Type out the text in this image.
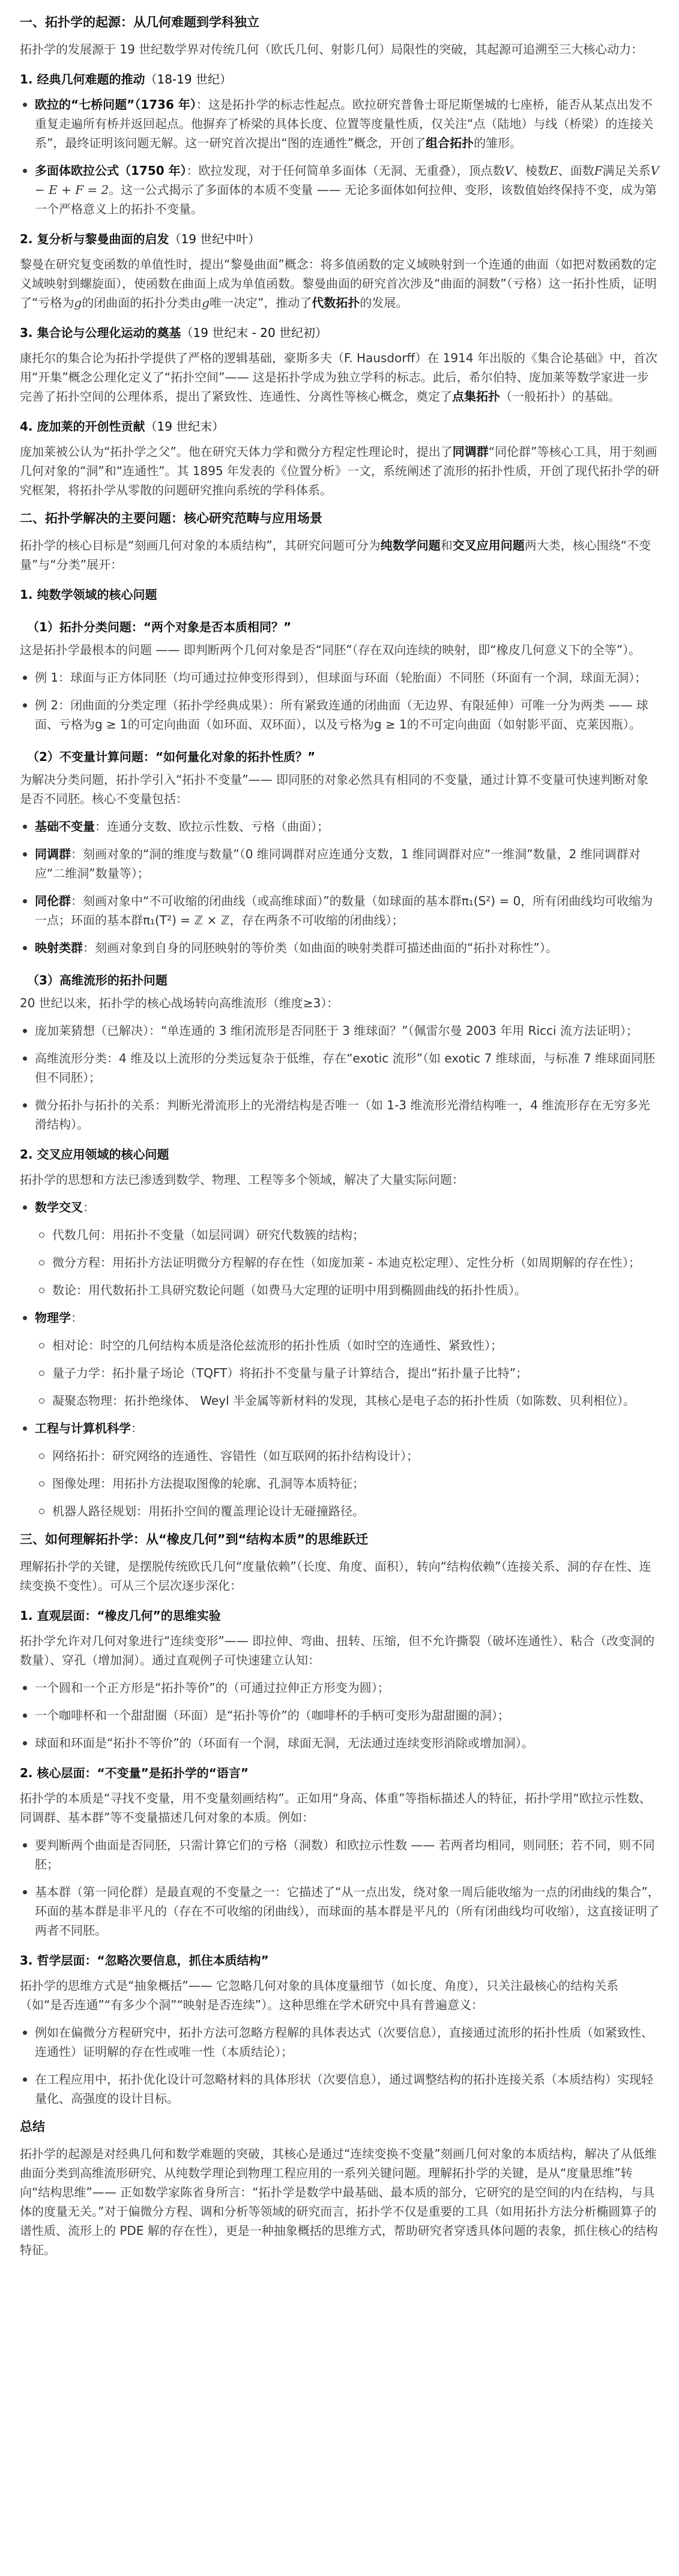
一、拓扑学的起源：从几何难题到学科独立

拓扑学的发展源于 19 世纪数学界对传统几何（欧氏几何、射影几何）局限性的突破，其起源可追溯至三大核心动力：

1. 经典几何难题的推动（18-19 世纪）
欧拉的“七桥问题”（1736 年）：这是拓扑学的标志性起点。欧拉研究普鲁士哥尼斯堡城的七座桥，能否从某点出发不重复走遍所有桥并返回起点。他摒弃了桥梁的具体长度、位置等度量性质，仅关注“点（陆地）与线（桥梁）的连接关系”，最终证明该问题无解。这一研究首次提出“图的连通性”概念，开创了组合拓扑的雏形。
多面体欧拉公式（1750 年）：欧拉发现，对于任何简单多面体（无洞、无重叠），顶点数V、棱数E、面数F满足关系V − E + F = 2。这一公式揭示了多面体的本质不变量 —— 无论多面体如何拉伸、变形，该数值始终保持不变，成为第一个严格意义上的拓扑不变量。
2. 复分析与黎曼曲面的启发（19 世纪中叶）

黎曼在研究复变函数的单值性时，提出“黎曼曲面”概念：将多值函数的定义域映射到一个连通的曲面（如把对数函数的定义域映射到螺旋面），使函数在曲面上成为单值函数。黎曼曲面的研究首次涉及“曲面的洞数”（亏格）这一拓扑性质，证明了“亏格为g的闭曲面的拓扑分类由g唯一决定”，推动了代数拓扑的发展。

3. 集合论与公理化运动的奠基（19 世纪末 - 20 世纪初）

康托尔的集合论为拓扑学提供了严格的逻辑基础，豪斯多夫（F. Hausdorff）在 1914 年出版的《集合论基础》中，首次用“开集”概念公理化定义了“拓扑空间”—— 这是拓扑学成为独立学科的标志。此后，希尔伯特、庞加莱等数学家进一步完善了拓扑空间的公理体系，提出了紧致性、连通性、分离性等核心概念，奠定了点集拓扑（一般拓扑）的基础。

4. 庞加莱的开创性贡献（19 世纪末）

庞加莱被公认为“拓扑学之父”。他在研究天体力学和微分方程定性理论时，提出了同调群“同伦群”等核心工具，用于刻画几何对象的“洞”和“连通性”。其 1895 年发表的《位置分析》一文，系统阐述了流形的拓扑性质，开创了现代拓扑学的研究框架，将拓扑学从零散的问题研究推向系统的学科体系。

二、拓扑学解决的主要问题：核心研究范畴与应用场景

拓扑学的核心目标是“刻画几何对象的本质结构”，其研究问题可分为纯数学问题和交叉应用问题两大类，核心围绕“不变量”与“分类”展开：

1. 纯数学领域的核心问题
（1）拓扑分类问题：“两个对象是否本质相同？”

这是拓扑学最根本的问题 —— 即判断两个几何对象是否“同胚”（存在双向连续的映射，即“橡皮几何意义下的全等”）。

例 1：球面与正方体同胚（均可通过拉伸变形得到），但球面与环面（轮胎面）不同胚（环面有一个洞，球面无洞）；
例 2：闭曲面的分类定理（拓扑学经典成果）：所有紧致连通的闭曲面（无边界、有限延伸）可唯一分为两类 —— 球面、亏格为g ≥ 1的可定向曲面（如环面、双环面），以及亏格为g ≥ 1的不可定向曲面（如射影平面、克莱因瓶）。
（2）不变量计算问题：“如何量化对象的拓扑性质？”

为解决分类问题，拓扑学引入“拓扑不变量”—— 即同胚的对象必然具有相同的不变量，通过计算不变量可快速判断对象是否不同胚。核心不变量包括：

基础不变量：连通分支数、欧拉示性数、亏格（曲面）；
同调群：刻画对象的“洞的维度与数量”（0 维同调群对应连通分支数，1 维同调群对应“一维洞”数量，2 维同调群对应“二维洞”数量等）；
同伦群：刻画对象中“不可收缩的闭曲线（或高维球面）”的数量（如球面的基本群π₁(S²) = 0，所有闭曲线均可收缩为一点；环面的基本群π₁(T²) = ℤ × ℤ，存在两条不可收缩的闭曲线）；
映射类群：刻画对象到自身的同胚映射的等价类（如曲面的映射类群可描述曲面的“拓扑对称性”）。
（3）高维流形的拓扑问题

20 世纪以来，拓扑学的核心战场转向高维流形（维度≥3）：

庞加莱猜想（已解决）：“单连通的 3 维闭流形是否同胚于 3 维球面？”（佩雷尔曼 2003 年用 Ricci 流方法证明）；
高维流形分类：4 维及以上流形的分类远复杂于低维，存在“exotic 流形”（如 exotic 7 维球面，与标准 7 维球面同胚但不同胚）；
微分拓扑与拓扑的关系：判断光滑流形上的光滑结构是否唯一（如 1-3 维流形光滑结构唯一，4 维流形存在无穷多光滑结构）。
2. 交叉应用领域的核心问题

拓扑学的思想和方法已渗透到数学、物理、工程等多个领域，解决了大量实际问题：

数学交叉：
代数几何：用拓扑不变量（如层同调）研究代数簇的结构；
微分方程：用拓扑方法证明微分方程解的存在性（如庞加莱 - 本迪克松定理）、定性分析（如周期解的存在性）；
数论：用代数拓扑工具研究数论问题（如费马大定理的证明中用到椭圆曲线的拓扑性质）。
物理学：
相对论：时空的几何结构本质是洛伦兹流形的拓扑性质（如时空的连通性、紧致性）；
量子力学：拓扑量子场论（TQFT）将拓扑不变量与量子计算结合，提出“拓扑量子比特”；
凝聚态物理：拓扑绝缘体、 Weyl 半金属等新材料的发现，其核心是电子态的拓扑性质（如陈数、贝利相位）。
工程与计算机科学：
网络拓扑：研究网络的连通性、容错性（如互联网的拓扑结构设计）；
图像处理：用拓扑方法提取图像的轮廓、孔洞等本质特征；
机器人路径规划：用拓扑空间的覆盖理论设计无碰撞路径。
三、如何理解拓扑学：从“橡皮几何”到“结构本质”的思维跃迁

理解拓扑学的关键，是摆脱传统欧氏几何“度量依赖”（长度、角度、面积），转向“结构依赖”（连接关系、洞的存在性、连续变换不变性）。可从三个层次逐步深化：

1. 直观层面：“橡皮几何”的思维实验

拓扑学允许对几何对象进行“连续变形”—— 即拉伸、弯曲、扭转、压缩，但不允许撕裂（破坏连通性）、粘合（改变洞的数量）、穿孔（增加洞）。通过直观例子可快速建立认知：

一个圆和一个正方形是“拓扑等价”的（可通过拉伸正方形变为圆）；
一个咖啡杯和一个甜甜圈（环面）是“拓扑等价”的（咖啡杯的手柄可变形为甜甜圈的洞）；
球面和环面是“拓扑不等价”的（环面有一个洞，球面无洞，无法通过连续变形消除或增加洞）。
2. 核心层面：“不变量”是拓扑学的“语言”

拓扑学的本质是“寻找不变量，用不变量刻画结构”。正如用“身高、体重”等指标描述人的特征，拓扑学用“欧拉示性数、同调群、基本群”等不变量描述几何对象的本质。例如：

要判断两个曲面是否同胚，只需计算它们的亏格（洞数）和欧拉示性数 —— 若两者均相同，则同胚；若不同，则不同胚；
基本群（第一同伦群）是最直观的不变量之一：它描述了“从一点出发，绕对象一周后能收缩为一点的闭曲线的集合”，环面的基本群是非平凡的（存在不可收缩的闭曲线），而球面的基本群是平凡的（所有闭曲线均可收缩），这直接证明了两者不同胚。
3. 哲学层面：“忽略次要信息，抓住本质结构”

拓扑学的思维方式是“抽象概括”—— 它忽略几何对象的具体度量细节（如长度、角度），只关注最核心的结构关系（如“是否连通”“有多少个洞”“映射是否连续”）。这种思维在学术研究中具有普遍意义：

例如在偏微分方程研究中，拓扑方法可忽略方程解的具体表达式（次要信息），直接通过流形的拓扑性质（如紧致性、连通性）证明解的存在性或唯一性（本质结论）；
在工程应用中，拓扑优化设计可忽略材料的具体形状（次要信息），通过调整结构的拓扑连接关系（本质结构）实现轻量化、高强度的设计目标。
总结

拓扑学的起源是对经典几何和数学难题的突破，其核心是通过“连续变换不变量”刻画几何对象的本质结构，解决了从低维曲面分类到高维流形研究、从纯数学理论到物理工程应用的一系列关键问题。理解拓扑学的关键，是从“度量思维”转向“结构思维”—— 正如数学家陈省身所言：“拓扑学是数学中最基础、最本质的部分，它研究的是空间的内在结构，与具体的度量无关。”对于偏微分方程、调和分析等领域的研究而言，拓扑学不仅是重要的工具（如用拓扑方法分析椭圆算子的谱性质、流形上的 PDE 解的存在性），更是一种抽象概括的思维方式，帮助研究者穿透具体问题的表象，抓住核心的结构特征。
